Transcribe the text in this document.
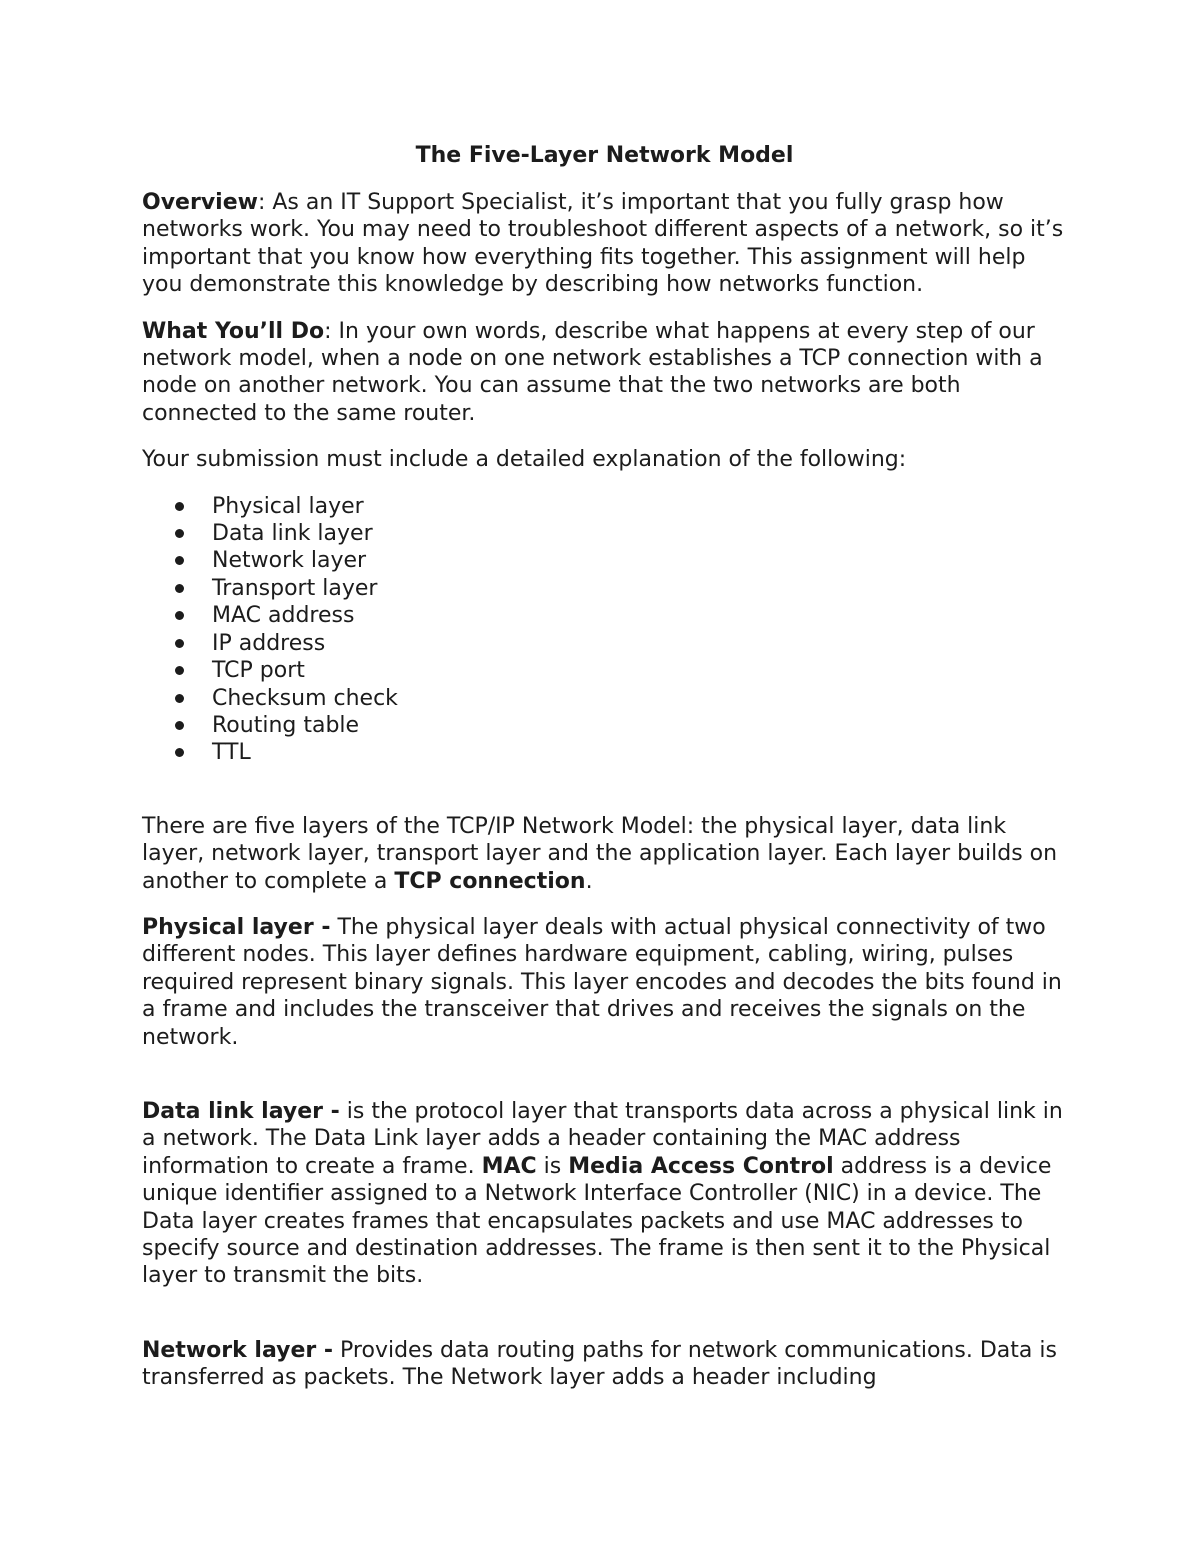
The Five-Layer Network Model

Overview: As an IT Support Specialist, it’s important that you fully grasp how networks work. You may need to troubleshoot different aspects of a network, so it’s important that you know how everything fits together. This assignment will help you demonstrate this knowledge by describing how networks function.

What You’ll Do: In your own words, describe what happens at every step of our network model, when a node on one network establishes a TCP connection with a node on another network. You can assume that the two networks are both connected to the same router.

Your submission must include a detailed explanation of the following:

Physical layer
Data link layer
Network layer
Transport layer
MAC address
IP address
TCP port
Checksum check
Routing table
TTL

There are five layers of the TCP/IP Network Model: the physical layer, data link layer, network layer, transport layer and the application layer. Each layer builds on another to complete a TCP connection.

Physical layer - The physical layer deals with actual physical connectivity of two different nodes. This layer defines hardware equipment, cabling, wiring, pulses required represent binary signals. This layer encodes and decodes the bits found in a frame and includes the transceiver that drives and receives the signals on the network.

Data link layer - is the protocol layer that transports data across a physical link in a network. The Data Link layer adds a header containing the MAC address information to create a frame. MAC is Media Access Control address is a device unique identifier assigned to a Network Interface Controller (NIC) in a device. The Data layer creates frames that encapsulates packets and use MAC addresses to specify source and destination addresses. The frame is then sent it to the Physical layer to transmit the bits.

Network layer - Provides data routing paths for network communications. Data is transferred as packets. The Network layer adds a header including
